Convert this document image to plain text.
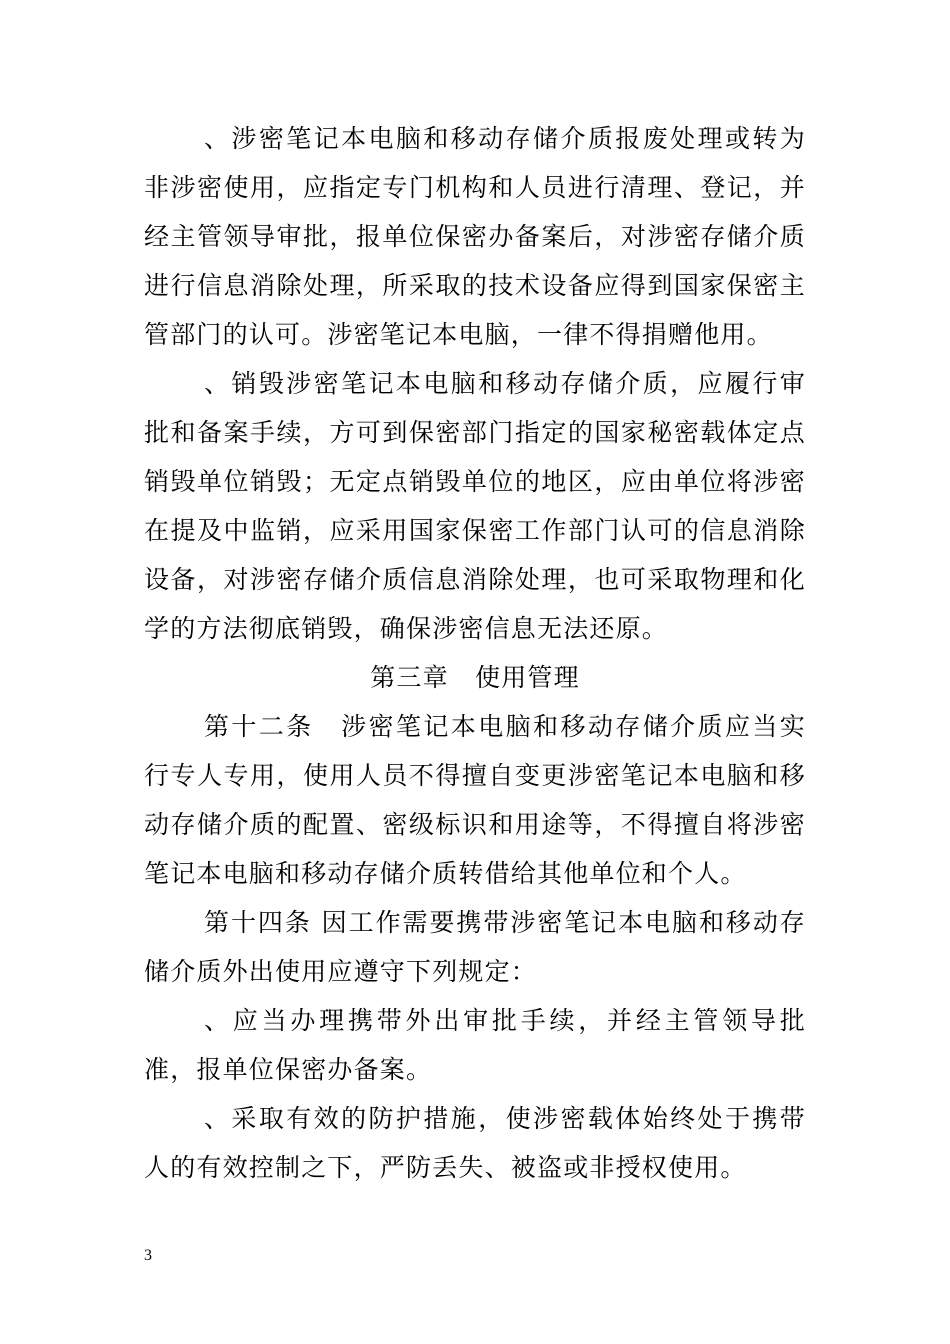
、涉密笔记本电脑和移动存储介质报废处理或转为非涉密使用，应指定专门机构和人员进行清理、登记，并经主管领导审批，报单位保密办备案后，对涉密存储介质进行信息消除处理，所采取的技术设备应得到国家保密主管部门的认可。涉密笔记本电脑，一律不得捐赠他用。

、销毁涉密笔记本电脑和移动存储介质，应履行审批和备案手续，方可到保密部门指定的国家秘密载体定点销毁单位销毁；无定点销毁单位的地区，应由单位将涉密在提及中监销，应采用国家保密工作部门认可的信息消除设备，对涉密存储介质信息消除处理，也可采取物理和化学的方法彻底销毁，确保涉密信息无法还原。

第三章　使用管理

第十二条　涉密笔记本电脑和移动存储介质应当实行专人专用，使用人员不得擅自变更涉密笔记本电脑和移动存储介质的配置、密级标识和用途等，不得擅自将涉密笔记本电脑和移动存储介质转借给其他单位和个人。

第十四条 因工作需要携带涉密笔记本电脑和移动存储介质外出使用应遵守下列规定：

、应当办理携带外出审批手续，并经主管领导批准，报单位保密办备案。

、采取有效的防护措施，使涉密载体始终处于携带人的有效控制之下，严防丢失、被盗或非授权使用。

3
